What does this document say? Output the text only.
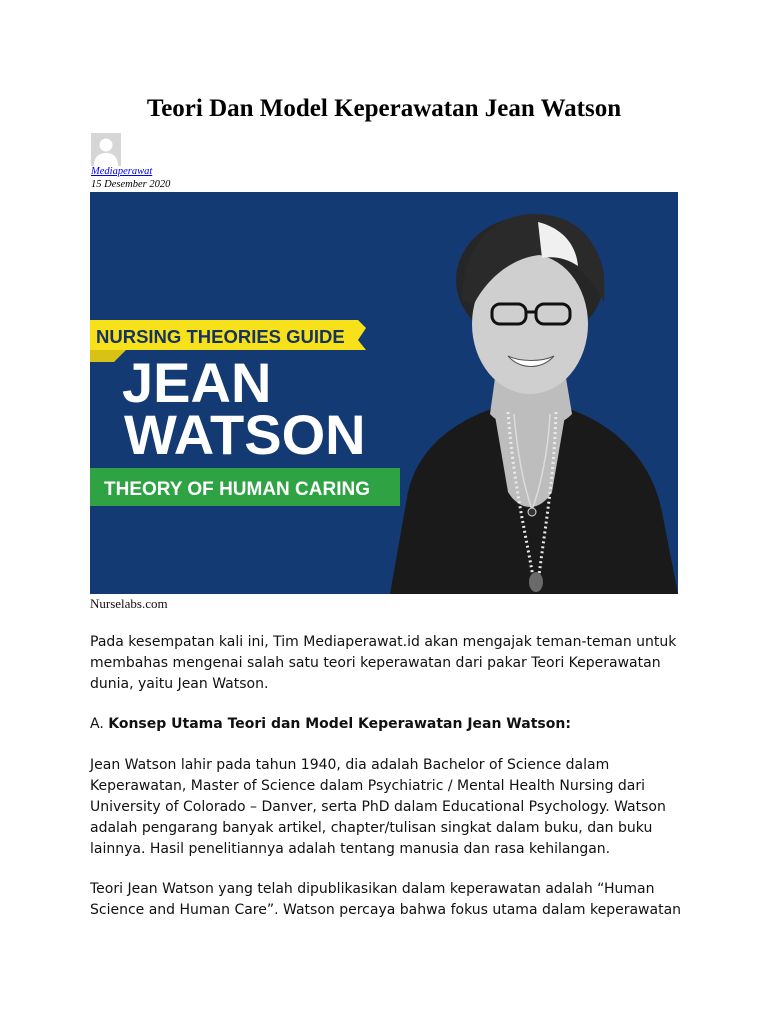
Teori Dan Model Keperawatan Jean Watson
Mediaperawat
15 Desember 2020
NURSING THEORIES GUIDE
JEAN
WATSON
THEORY OF HUMAN CARING
Nurselabs.com

Pada kesempatan kali ini, Tim Mediaperawat.id akan mengajak teman-teman untuk membahas mengenai salah satu teori keperawatan dari pakar Teori Keperawatan dunia, yaitu Jean Watson.

A. Konsep Utama Teori dan Model Keperawatan Jean Watson:

Jean Watson lahir pada tahun 1940, dia adalah Bachelor of Science dalam Keperawatan, Master of Science dalam Psychiatric / Mental Health Nursing dari University of Colorado – Danver, serta PhD dalam Educational Psychology. Watson adalah pengarang banyak artikel, chapter/tulisan singkat dalam buku, dan buku lainnya. Hasil penelitiannya adalah tentang manusia dan rasa kehilangan.

Teori Jean Watson yang telah dipublikasikan dalam keperawatan adalah “Human Science and Human Care”. Watson percaya bahwa fokus utama dalam keperawatan
